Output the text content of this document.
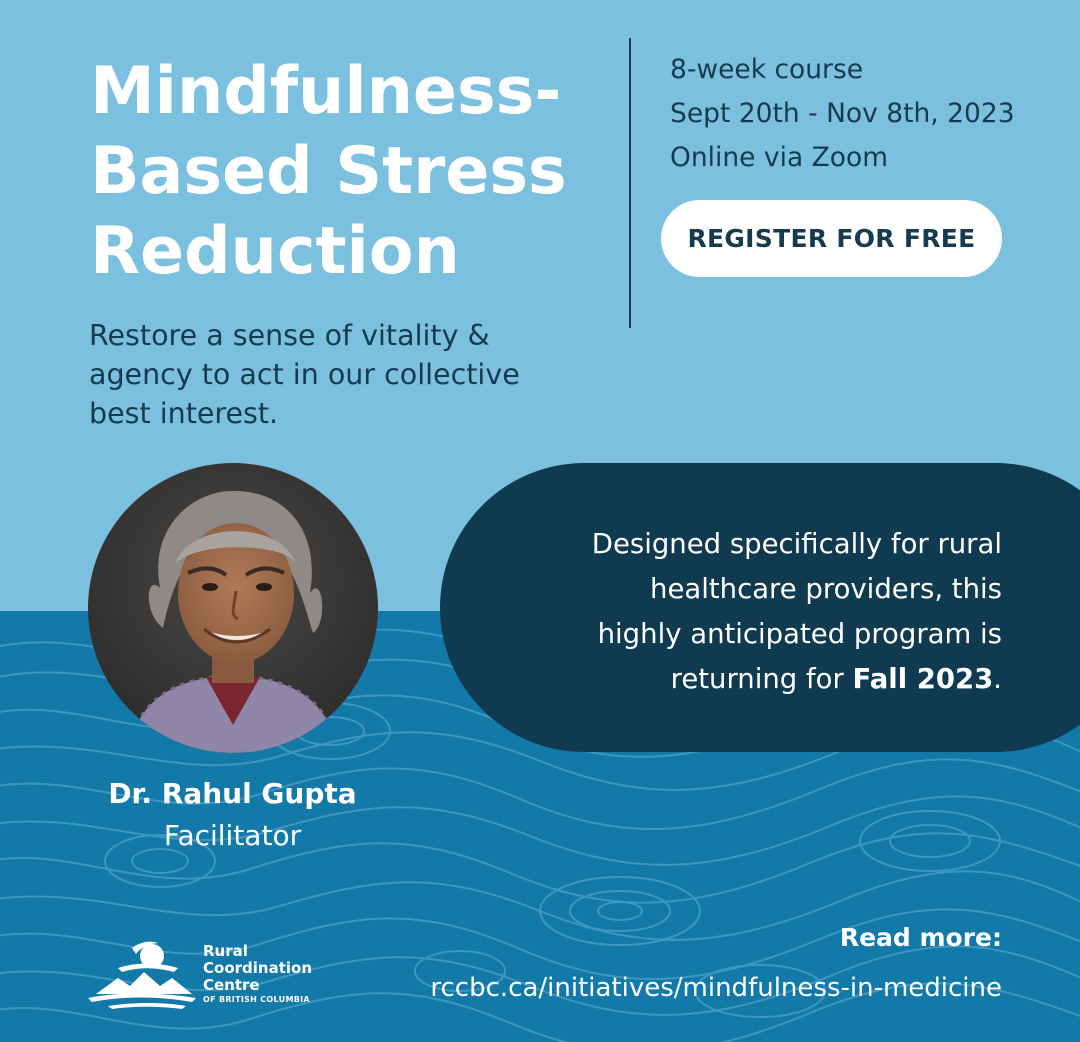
Mindfulness-
Based Stress
Reduction

Restore a sense of vitality &
agency to act in our collective
best interest.

8-week course
Sept 20th - Nov 8th, 2023
Online via Zoom
REGISTER FOR FREE
Designed specifically for rural
healthcare providers, this
highly anticipated program is
returning for Fall 2023.
Dr. Rahul Gupta
Facilitator
Rural
Coordination
Centre
OF BRITISH COLUMBIA
Read more:
rccbc.ca/initiatives/mindfulness-in-medicine
